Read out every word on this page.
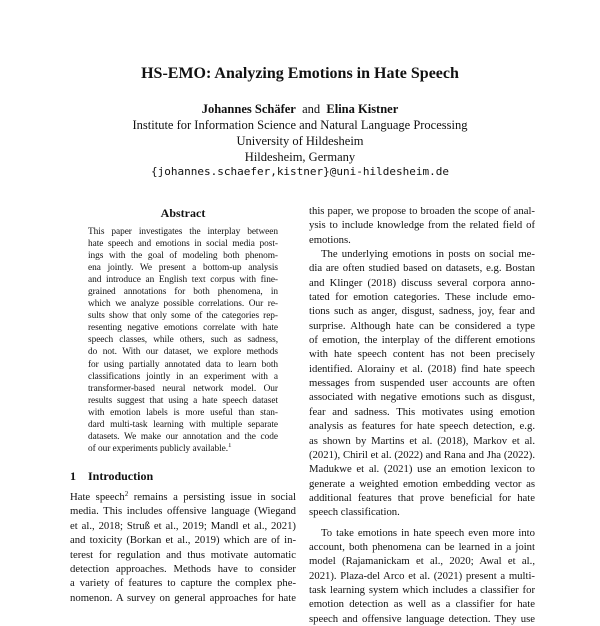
HS-EMO: Analyzing Emotions in Hate Speech
Johannes Schäfer and Elina Kistner
Institute for Information Science and Natural Language Processing
University of Hildesheim
Hildesheim, Germany
{johannes.schaefer,kistner}@uni-hildesheim.de
Abstract
This paper investigates the interplay between
hate speech and emotions in social media post-
ings with the goal of modeling both phenom-
ena jointly. We present a bottom-up analysis
and introduce an English text corpus with fine-
grained annotations for both phenomena, in
which we analyze possible correlations. Our re-
sults show that only some of the categories rep-
resenting negative emotions correlate with hate
speech classes, while others, such as sadness,
do not. With our dataset, we explore methods
for using partially annotated data to learn both
classifications jointly in an experiment with a
transformer-based neural network model. Our
results suggest that using a hate speech dataset
with emotion labels is more useful than stan-
dard multi-task learning with multiple separate
datasets. We make our annotation and the code
of our experiments publicly available.$^1$
1 Introduction
Hate speech$^2$ remains a persisting issue in social
media. This includes offensive language (Wiegand
et al., 2018; Struß et al., 2019; Mandl et al., 2021)
and toxicity (Borkan et al., 2019) which are of in-
terest for regulation and thus motivate automatic
detection approaches. Methods have to consider
a variety of features to capture the complex phe-
nomenon. A survey on general approaches for hate
this paper, we propose to broaden the scope of anal-
ysis to include knowledge from the related field of
emotions.
The underlying emotions in posts on social me-
dia are often studied based on datasets, e.g. Bostan
and Klinger (2018) discuss several corpora anno-
tated for emotion categories. These include emo-
tions such as anger, disgust, sadness, joy, fear and
surprise. Although hate can be considered a type
of emotion, the interplay of the different emotions
with hate speech content has not been precisely
identified. Alorainy et al. (2018) find hate speech
messages from suspended user accounts are often
associated with negative emotions such as disgust,
fear and sadness. This motivates using emotion
analysis as features for hate speech detection, e.g.
as shown by Martins et al. (2018), Markov et al.
(2021), Chiril et al. (2022) and Rana and Jha (2022).
Madukwe et al. (2021) use an emotion lexicon to
generate a weighted emotion embedding vector as
additional features that prove beneficial for hate
speech classification.
To take emotions in hate speech even more into
account, both phenomena can be learned in a joint
model (Rajamanickam et al., 2020; Awal et al.,
2021). Plaza-del Arco et al. (2021) present a multi-
task learning system which includes a classifier for
emotion detection as well as a classifier for hate
speech and offensive language detection. They use
